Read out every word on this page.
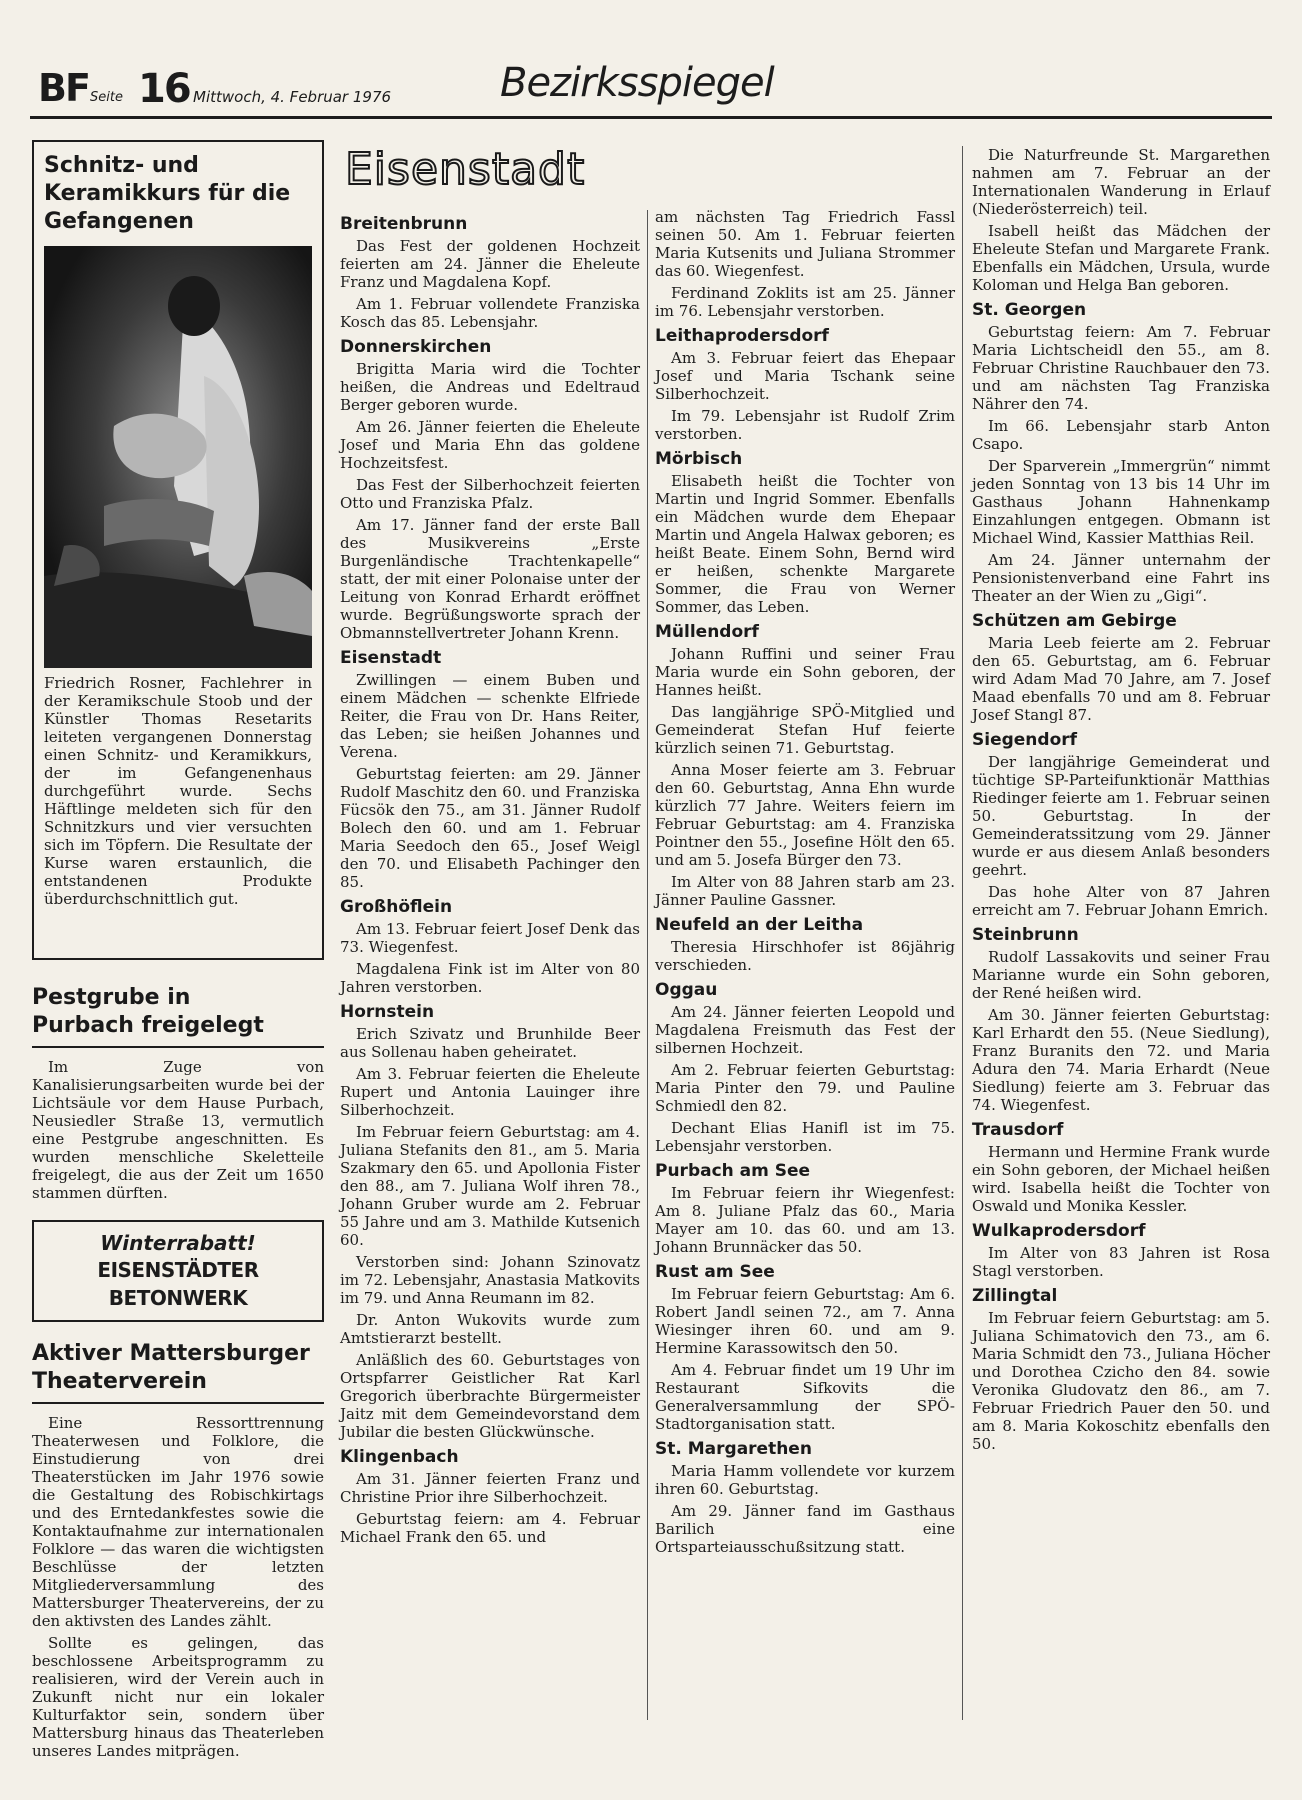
BF Seite 16 Mittwoch, 4. Februar 1976	Bezirksspiegel
Schnitz- und Keramikkurs für die Gefangenen

Friedrich Rosner, Fachlehrer in der Keramikschule Stoob und der Künstler Thomas Resetarits leiteten vergangenen Donnerstag einen Schnitz- und Keramikkurs, der im Gefangenenhaus durchgeführt wurde. Sechs Häftlinge meldeten sich für den Schnitzkurs und vier versuchten sich im Töpfern. Die Resultate der Kurse waren erstaunlich, die entstandenen Produkte überdurchschnittlich gut.

Pestgrube in Purbach freigelegt

Im Zuge von Kanalisierungsarbeiten wurde bei der Lichtsäule vor dem Hause Purbach, Neusiedler Straße 13, vermutlich eine Pestgrube angeschnitten. Es wurden menschliche Skeletteile freigelegt, die aus der Zeit um 1650 stammen dürften.

Winterrabatt!
EISENSTÄDTER BETONWERK
Aktiver Mattersburger Theaterverein

Eine Ressorttrennung Theaterwesen und Folklore, die Einstudierung von drei Theaterstücken im Jahr 1976 sowie die Gestaltung des Robischkirtags und des Erntedankfestes sowie die Kontaktaufnahme zur internationalen Folklore — das waren die wichtigsten Beschlüsse der letzten Mitgliederversammlung des Mattersburger Theatervereins, der zu den aktivsten des Landes zählt.

Sollte es gelingen, das beschlossene Arbeitsprogramm zu realisieren, wird der Verein auch in Zukunft nicht nur ein lokaler Kulturfaktor sein, sondern über Mattersburg hinaus das Theaterleben unseres Landes mitprägen.

Eisenstadt
Breitenbrunn

Das Fest der goldenen Hochzeit feierten am 24. Jänner die Eheleute Franz und Magdalena Kopf.

Am 1. Februar vollendete Franziska Kosch das 85. Lebensjahr.

Donnerskirchen

Brigitta Maria wird die Tochter heißen, die Andreas und Edeltraud Berger geboren wurde.

Am 26. Jänner feierten die Eheleute Josef und Maria Ehn das goldene Hochzeitsfest.

Das Fest der Silberhochzeit feierten Otto und Franziska Pfalz.

Am 17. Jänner fand der erste Ball des Musikvereins „Erste Burgenländische Trachtenkapelle“ statt, der mit einer Polonaise unter der Leitung von Konrad Erhardt eröffnet wurde. Begrüßungsworte sprach der Obmannstellvertreter Johann Krenn.

Eisenstadt

Zwillingen — einem Buben und einem Mädchen — schenkte Elfriede Reiter, die Frau von Dr. Hans Reiter, das Leben; sie heißen Johannes und Verena.

Geburtstag feierten: am 29. Jänner Rudolf Maschitz den 60. und Franziska Fücsök den 75., am 31. Jänner Rudolf Bolech den 60. und am 1. Februar Maria Seedoch den 65., Josef Weigl den 70. und Elisabeth Pachinger den 85.

Großhöflein

Am 13. Februar feiert Josef Denk das 73. Wiegenfest.

Magdalena Fink ist im Alter von 80 Jahren verstorben.

Hornstein

Erich Szivatz und Brunhilde Beer aus Sollenau haben geheiratet.

Am 3. Februar feierten die Eheleute Rupert und Antonia Lauinger ihre Silberhochzeit.

Im Februar feiern Geburtstag: am 4. Juliana Stefanits den 81., am 5. Maria Szakmary den 65. und Apollonia Fister den 88., am 7. Juliana Wolf ihren 78., Johann Gruber wurde am 2. Februar 55 Jahre und am 3. Mathilde Kutsenich 60.

Verstorben sind: Johann Szinovatz im 72. Lebensjahr, Anastasia Matkovits im 79. und Anna Reumann im 82.

Dr. Anton Wukovits wurde zum Amtstierarzt bestellt.

Anläßlich des 60. Geburtstages von Ortspfarrer Geistlicher Rat Karl Gregorich überbrachte Bürgermeister Jaitz mit dem Gemeindevorstand dem Jubilar die besten Glückwünsche.

Klingenbach

Am 31. Jänner feierten Franz und Christine Prior ihre Silberhochzeit.

Geburtstag feiern: am 4. Februar Michael Frank den 65. und

am nächsten Tag Friedrich Fassl seinen 50. Am 1. Februar feierten Maria Kutsenits und Juliana Strommer das 60. Wiegenfest.

Ferdinand Zoklits ist am 25. Jänner im 76. Lebensjahr verstorben.

Leithaprodersdorf

Am 3. Februar feiert das Ehepaar Josef und Maria Tschank seine Silberhochzeit.

Im 79. Lebensjahr ist Rudolf Zrim verstorben.

Mörbisch

Elisabeth heißt die Tochter von Martin und Ingrid Sommer. Ebenfalls ein Mädchen wurde dem Ehepaar Martin und Angela Halwax geboren; es heißt Beate. Einem Sohn, Bernd wird er heißen, schenkte Margarete Sommer, die Frau von Werner Sommer, das Leben.

Müllendorf

Johann Ruffini und seiner Frau Maria wurde ein Sohn geboren, der Hannes heißt.

Das langjährige SPÖ-Mitglied und Gemeinderat Stefan Huf feierte kürzlich seinen 71. Geburtstag.

Anna Moser feierte am 3. Februar den 60. Geburtstag, Anna Ehn wurde kürzlich 77 Jahre. Weiters feiern im Februar Geburtstag: am 4. Franziska Pointner den 55., Josefine Hölt den 65. und am 5. Josefa Bürger den 73.

Im Alter von 88 Jahren starb am 23. Jänner Pauline Gassner.

Neufeld an der Leitha

Theresia Hirschhofer ist 86jährig verschieden.

Oggau

Am 24. Jänner feierten Leopold und Magdalena Freismuth das Fest der silbernen Hochzeit.

Am 2. Februar feierten Geburtstag: Maria Pinter den 79. und Pauline Schmiedl den 82.

Dechant Elias Hanifl ist im 75. Lebensjahr verstorben.

Purbach am See

Im Februar feiern ihr Wiegenfest: Am 8. Juliane Pfalz das 60., Maria Mayer am 10. das 60. und am 13. Johann Brunnäcker das 50.

Rust am See

Im Februar feiern Geburtstag: Am 6. Robert Jandl seinen 72., am 7. Anna Wiesinger ihren 60. und am 9. Hermine Karassowitsch den 50.

Am 4. Februar findet um 19 Uhr im Restaurant Sifkovits die Generalversammlung der SPÖ-Stadtorganisation statt.

St. Margarethen

Maria Hamm vollendete vor kurzem ihren 60. Geburtstag.

Am 29. Jänner fand im Gasthaus Barilich eine Ortsparteiausschußsitzung statt.

Die Naturfreunde St. Margarethen nahmen am 7. Februar an der Internationalen Wanderung in Erlauf (Niederösterreich) teil.

Isabell heißt das Mädchen der Eheleute Stefan und Margarete Frank. Ebenfalls ein Mädchen, Ursula, wurde Koloman und Helga Ban geboren.

St. Georgen

Geburtstag feiern: Am 7. Februar Maria Lichtscheidl den 55., am 8. Februar Christine Rauchbauer den 73. und am nächsten Tag Franziska Nährer den 74.

Im 66. Lebensjahr starb Anton Csapo.

Der Sparverein „Immergrün“ nimmt jeden Sonntag von 13 bis 14 Uhr im Gasthaus Johann Hahnenkamp Einzahlungen entgegen. Obmann ist Michael Wind, Kassier Matthias Reil.

Am 24. Jänner unternahm der Pensionistenverband eine Fahrt ins Theater an der Wien zu „Gigi“.

Schützen am Gebirge

Maria Leeb feierte am 2. Februar den 65. Geburtstag, am 6. Februar wird Adam Mad 70 Jahre, am 7. Josef Maad ebenfalls 70 und am 8. Februar Josef Stangl 87.

Siegendorf

Der langjährige Gemeinderat und tüchtige SP-Parteifunktionär Matthias Riedinger feierte am 1. Februar seinen 50. Geburtstag. In der Gemeinderatssitzung vom 29. Jänner wurde er aus diesem Anlaß besonders geehrt.

Das hohe Alter von 87 Jahren erreicht am 7. Februar Johann Emrich.

Steinbrunn

Rudolf Lassakovits und seiner Frau Marianne wurde ein Sohn geboren, der René heißen wird.

Am 30. Jänner feierten Geburtstag: Karl Erhardt den 55. (Neue Siedlung), Franz Buranits den 72. und Maria Adura den 74. Maria Erhardt (Neue Siedlung) feierte am 3. Februar das 74. Wiegenfest.

Trausdorf

Hermann und Hermine Frank wurde ein Sohn geboren, der Michael heißen wird. Isabella heißt die Tochter von Oswald und Monika Kessler.

Wulkaprodersdorf

Im Alter von 83 Jahren ist Rosa Stagl verstorben.

Zillingtal

Im Februar feiern Geburtstag: am 5. Juliana Schimatovich den 73., am 6. Maria Schmidt den 73., Juliana Höcher und Dorothea Czicho den 84. sowie Veronika Gludovatz den 86., am 7. Februar Friedrich Pauer den 50. und am 8. Maria Kokoschitz ebenfalls den 50.
